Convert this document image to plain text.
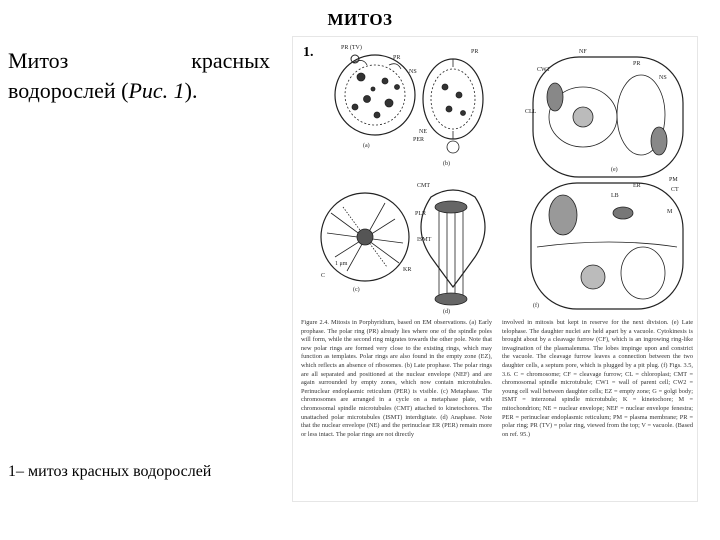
МИТОЗ
Митоз	красных
водорослей (Рис. 1).
1– митоз красных водорослей
PR (TV)
PR
NS
(a)
PR
(b)
NE
PER
CMT
PLR
ISMT
C
(c)
1 μm
KR
(d)
NF
CW1
CLL
PR
NS
(e)
PM
CT
ER
LB
M
(f)
1.

Figure 2.4. Mitosis in Porphyridium, based on EM observations. (a) Early prophase. The polar ring (PR) already lies where one of the spindle poles will form, while the second ring migrates towards the other pole. Note that new polar rings are formed very close to the existing rings, which may function as templates. Polar rings are also found in the empty zone (EZ), which reflects an absence of ribosomes. (b) Late prophase. The polar rings are all separated and positioned at the nuclear envelope (NEF) and are again surrounded by empty zones, which now contain microtubules. Perinuclear endoplasmic reticulum (PER) is visible. (c) Metaphase. The chromosomes are arranged in a cycle on a metaphase plate, with chromosomal spindle microtubules (CMT) attached to kinetochores. The unattached polar microtubules (ISMT) interdigitate. (d) Anaphase. Note that the nuclear envelope (NE) and the perinuclear ER (PER) remain more or less intact. The polar rings are not directly

involved in mitosis but kept in reserve for the next division. (e) Late telophase. The daughter nuclei are held apart by a vacuole. Cytokinesis is brought about by a cleavage furrow (CF), which is an ingrowing ring-like invagination of the plasmalemma. The lobes impinge upon and constrict the vacuole. The cleavage furrow leaves a connection between the two daughter cells, a septum pore, which is plugged by a pit plug. (f) Figs. 3.5, 3.6. C = chromosome; CF = cleavage furrow; CL = chloroplast; CMT = chromosomal spindle microtubule; CW1 = wall of parent cell; CW2 = young cell wall between daughter cells; EZ = empty zone; G = golgi body; ISMT = interzonal spindle microtubule; K = kinetochore; M = mitochondrion; NE = nuclear envelope; NEF = nuclear envelope fenestra; PER = perinuclear endoplasmic reticulum; PM = plasma membrane; PR = polar ring; PR (TV) = polar ring, viewed from the top; V = vacuole. (Based on ref. 95.)
